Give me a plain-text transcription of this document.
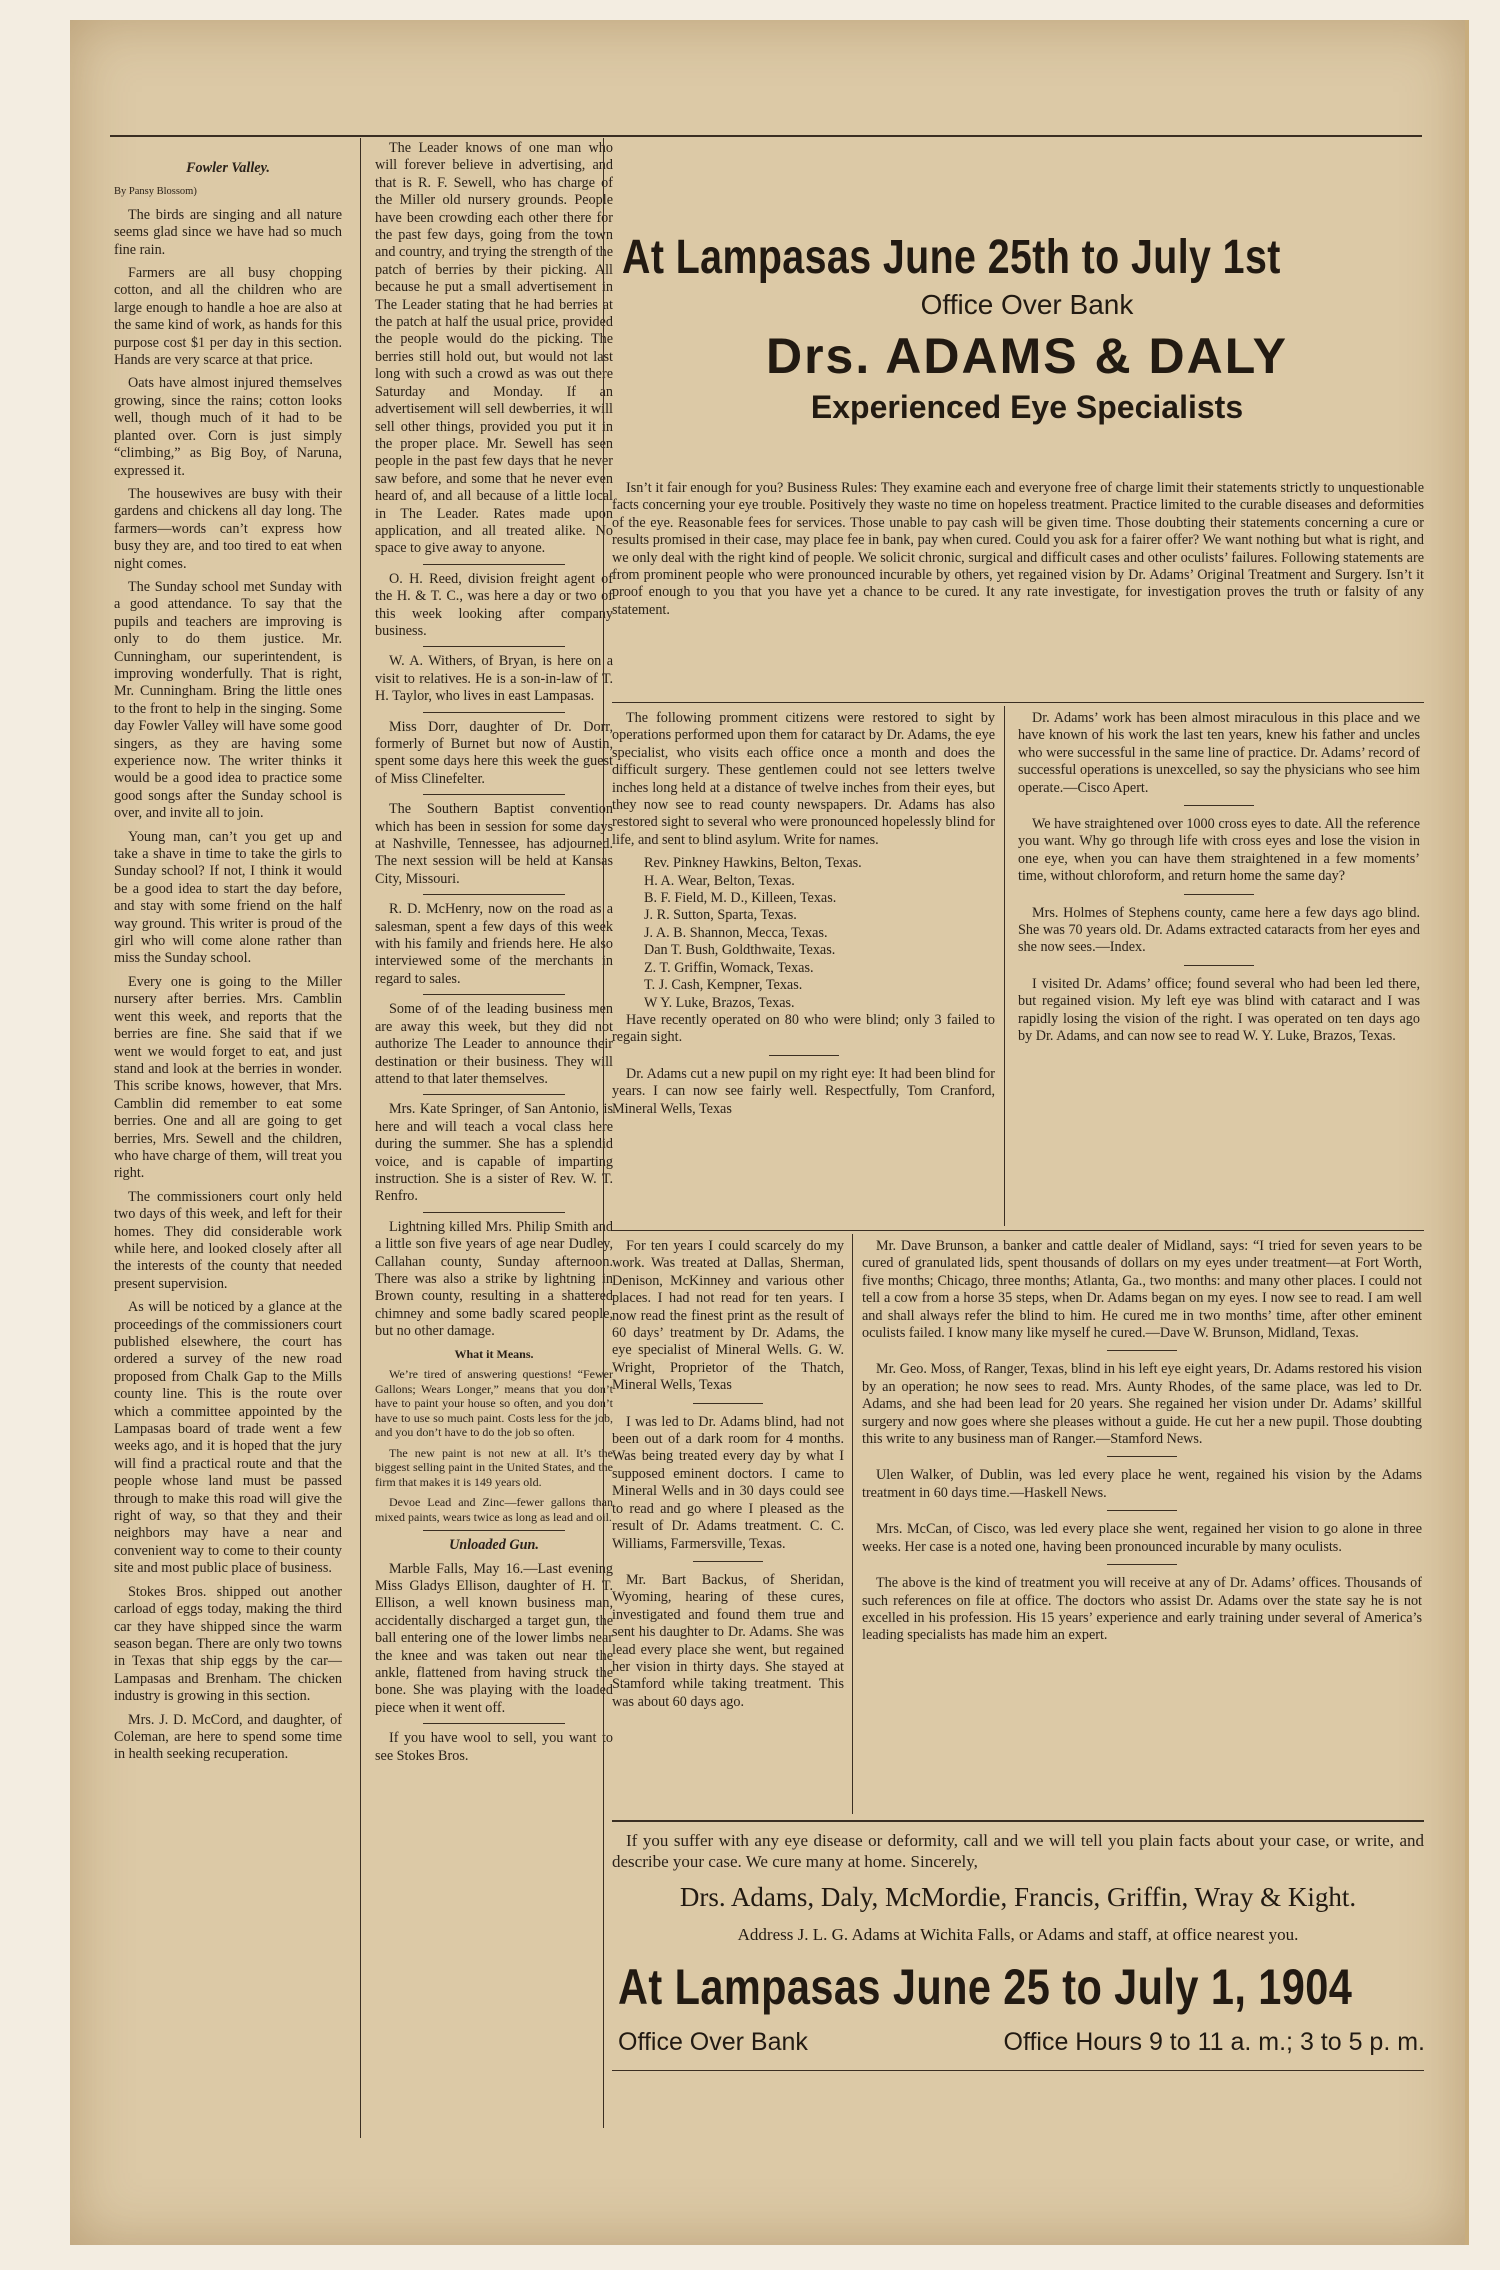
Fowler Valley.

By Pansy Blossom)

The birds are singing and all nature seems glad since we have had so much fine rain.

Farmers are all busy chopping cotton, and all the children who are large enough to handle a hoe are also at the same kind of work, as hands for this purpose cost $1 per day in this section. Hands are very scarce at that price.

Oats have almost injured themselves growing, since the rains; cotton looks well, though much of it had to be planted over. Corn is just simply “climbing,” as Big Boy, of Naruna, expressed it.

The housewives are busy with their gardens and chickens all day long. The farmers—words can’t express how busy they are, and too tired to eat when night comes.

The Sunday school met Sunday with a good attendance. To say that the pupils and teachers are improving is only to do them justice. Mr. Cunningham, our superintendent, is improving wonderfully. That is right, Mr. Cunningham. Bring the little ones to the front to help in the singing. Some day Fowler Valley will have some good singers, as they are having some experience now. The writer thinks it would be a good idea to practice some good songs after the Sunday school is over, and invite all to join.

Young man, can’t you get up and take a shave in time to take the girls to Sunday school? If not, I think it would be a good idea to start the day before, and stay with some friend on the half way ground. This writer is proud of the girl who will come alone rather than miss the Sunday school.

Every one is going to the Miller nursery after berries. Mrs. Camblin went this week, and reports that the berries are fine. She said that if we went we would forget to eat, and just stand and look at the berries in wonder. This scribe knows, however, that Mrs. Camblin did remember to eat some berries. One and all are going to get berries, Mrs. Sewell and the children, who have charge of them, will treat you right.

The commissioners court only held two days of this week, and left for their homes. They did considerable work while here, and looked closely after all the interests of the county that needed present supervision.

As will be noticed by a glance at the proceedings of the commissioners court published elsewhere, the court has ordered a survey of the new road proposed from Chalk Gap to the Mills county line. This is the route over which a committee appointed by the Lampasas board of trade went a few weeks ago, and it is hoped that the jury will find a practical route and that the people whose land must be passed through to make this road will give the right of way, so that they and their neighbors may have a near and convenient way to come to their county site and most public place of business.

Stokes Bros. shipped out another carload of eggs today, making the third car they have shipped since the warm season began. There are only two towns in Texas that ship eggs by the car—Lampasas and Brenham. The chicken industry is growing in this section.

Mrs. J. D. McCord, and daughter, of Coleman, are here to spend some time in health seeking recuperation.

The Leader knows of one man who will forever believe in advertising, and that is R. F. Sewell, who has charge of the Miller old nursery grounds. People have been crowding each other there for the past few days, going from the town and country, and trying the strength of the patch of berries by their picking. All because he put a small advertisement in The Leader stating that he had berries at the patch at half the usual price, provided the people would do the picking. The berries still hold out, but would not last long with such a crowd as was out there Saturday and Monday. If an advertisement will sell dewberries, it will sell other things, provided you put it in the proper place. Mr. Sewell has seen people in the past few days that he never saw before, and some that he never even heard of, and all because of a little local in The Leader. Rates made upon application, and all treated alike. No space to give away to anyone.

O. H. Reed, division freight agent of the H. & T. C., was here a day or two of this week looking after company business.

W. A. Withers, of Bryan, is here on a visit to relatives. He is a son-in-law of T. H. Taylor, who lives in east Lampasas.

Miss Dorr, daughter of Dr. Dorr, formerly of Burnet but now of Austin, spent some days here this week the guest of Miss Clinefelter.

The Southern Baptist convention which has been in session for some days at Nashville, Tennessee, has adjourned. The next session will be held at Kansas City, Missouri.

R. D. McHenry, now on the road as a salesman, spent a few days of this week with his family and friends here. He also interviewed some of the merchants in regard to sales.

Some of of the leading business men are away this week, but they did not authorize The Leader to announce their destination or their business. They will attend to that later themselves.

Mrs. Kate Springer, of San Antonio, is here and will teach a vocal class here during the summer. She has a splendid voice, and is capable of imparting instruction. She is a sister of Rev. W. T. Renfro.

Lightning killed Mrs. Philip Smith and a little son five years of age near Dudley, Callahan county, Sunday afternoon. There was also a strike by lightning in Brown county, resulting in a shattered chimney and some badly scared people, but no other damage.

What it Means.

We’re tired of answering questions! “Fewer Gallons; Wears Longer,” means that you don’t have to paint your house so often, and you don’t have to use so much paint. Costs less for the job, and you don’t have to do the job so often.

The new paint is not new at all. It’s the biggest selling paint in the United States, and the firm that makes it is 149 years old.

Devoe Lead and Zinc—fewer gallons than mixed paints, wears twice as long as lead and oil.

Unloaded Gun.

Marble Falls, May 16.—Last evening Miss Gladys Ellison, daughter of H. T. Ellison, a well known business man, accidentally discharged a target gun, the ball entering one of the lower limbs near the knee and was taken out near the ankle, flattened from having struck the bone. She was playing with the loaded piece when it went off.

If you have wool to sell, you want to see Stokes Bros.

At Lampasas June 25th to July 1st
Office Over Bank
Drs. ADAMS & DALY
Experienced Eye Specialists

Isn’t it fair enough for you? Business Rules: They examine each and everyone free of charge limit their statements strictly to unquestionable facts concerning your eye trouble. Positively they waste no time on hopeless treatment. Practice limited to the curable diseases and deformities of the eye. Reasonable fees for services. Those unable to pay cash will be given time. Those doubting their statements concerning a cure or results promised in their case, may place fee in bank, pay when cured. Could you ask for a fairer offer? We want nothing but what is right, and we only deal with the right kind of people. We solicit chronic, surgical and difficult cases and other oculists’ failures. Following statements are from prominent people who were pronounced incurable by others, yet regained vision by Dr. Adams’ Original Treatment and Surgery. Isn’t it proof enough to you that you have yet a chance to be cured. It any rate investigate, for investigation proves the truth or falsity of any statement.

The following promment citizens were restored to sight by operations performed upon them for cataract by Dr. Adams, the eye specialist, who visits each office once a month and does the difficult surgery. These gentlemen could not see letters twelve inches long held at a distance of twelve inches from their eyes, but they now see to read county newspapers. Dr. Adams has also restored sight to several who were pronounced hopelessly blind for life, and sent to blind asylum. Write for names.

Rev. Pinkney Hawkins, Belton, Texas.

H. A. Wear, Belton, Texas.

B. F. Field, M. D., Killeen, Texas.

J. R. Sutton, Sparta, Texas.

J. A. B. Shannon, Mecca, Texas.

Dan T. Bush, Goldthwaite, Texas.

Z. T. Griffin, Womack, Texas.

T. J. Cash, Kempner, Texas.

W Y. Luke, Brazos, Texas.

Have recently operated on 80 who were blind; only 3 failed to regain sight.

Dr. Adams cut a new pupil on my right eye: It had been blind for years. I can now see fairly well. Respectfully, Tom Cranford, Mineral Wells, Texas

Dr. Adams’ work has been almost miraculous in this place and we have known of his work the last ten years, knew his father and uncles who were successful in the same line of practice. Dr. Adams’ record of successful operations is unexcelled, so say the physicians who see him operate.—Cisco Apert.

We have straightened over 1000 cross eyes to date. All the reference you want. Why go through life with cross eyes and lose the vision in one eye, when you can have them straightened in a few moments’ time, without chloroform, and return home the same day?

Mrs. Holmes of Stephens county, came here a few days ago blind. She was 70 years old. Dr. Adams extracted cataracts from her eyes and she now sees.—Index.

I visited Dr. Adams’ office; found several who had been led there, but regained vision. My left eye was blind with cataract and I was rapidly losing the vision of the right. I was operated on ten days ago by Dr. Adams, and can now see to read W. Y. Luke, Brazos, Texas.

For ten years I could scarcely do my work. Was treated at Dallas, Sherman, Denison, McKinney and various other places. I had not read for ten years. I now read the finest print as the result of 60 days’ treatment by Dr. Adams, the eye specialist of Mineral Wells. G. W. Wright, Proprietor of the Thatch, Mineral Wells, Texas

I was led to Dr. Adams blind, had not been out of a dark room for 4 months. Was being treated every day by what I supposed eminent doctors. I came to Mineral Wells and in 30 days could see to read and go where I pleased as the result of Dr. Adams treatment. C. C. Williams, Farmersville, Texas.

Mr. Bart Backus, of Sheridan, Wyoming, hearing of these cures, investigated and found them true and sent his daughter to Dr. Adams. She was lead every place she went, but regained her vision in thirty days. She stayed at Stamford while taking treatment. This was about 60 days ago.

Mr. Dave Brunson, a banker and cattle dealer of Midland, says: “I tried for seven years to be cured of granulated lids, spent thousands of dollars on my eyes under treatment—at Fort Worth, five months; Chicago, three months; Atlanta, Ga., two months: and many other places. I could not tell a cow from a horse 35 steps, when Dr. Adams began on my eyes. I now see to read. I am well and shall always refer the blind to him. He cured me in two months’ time, after other eminent oculists failed. I know many like myself he cured.—Dave W. Brunson, Midland, Texas.

Mr. Geo. Moss, of Ranger, Texas, blind in his left eye eight years, Dr. Adams restored his vision by an operation; he now sees to read. Mrs. Aunty Rhodes, of the same place, was led to Dr. Adams, and she had been lead for 20 years. She regained her vision under Dr. Adams’ skillful surgery and now goes where she pleases without a guide. He cut her a new pupil. Those doubting this write to any business man of Ranger.—Stamford News.

Ulen Walker, of Dublin, was led every place he went, regained his vision by the Adams treatment in 60 days time.—Haskell News.

Mrs. McCan, of Cisco, was led every place she went, regained her vision to go alone in three weeks. Her case is a noted one, having been pronounced incurable by many oculists.

The above is the kind of treatment you will receive at any of Dr. Adams’ offices. Thousands of such references on file at office. The doctors who assist Dr. Adams over the state say he is not excelled in his profession. His 15 years’ experience and early training under several of America’s leading specialists has made him an expert.

If you suffer with any eye disease or deformity, call and we will tell you plain facts about your case, or write, and describe your case. We cure many at home. Sincerely,

Drs. Adams, Daly, McMordie, Francis, Griffin, Wray & Kight.
Address J. L. G. Adams at Wichita Falls, or Adams and staff, at office nearest you.
At Lampasas June 25 to July 1, 1904
Office Over Bank	Office Hours 9 to 11 a. m.; 3 to 5 p. m.
